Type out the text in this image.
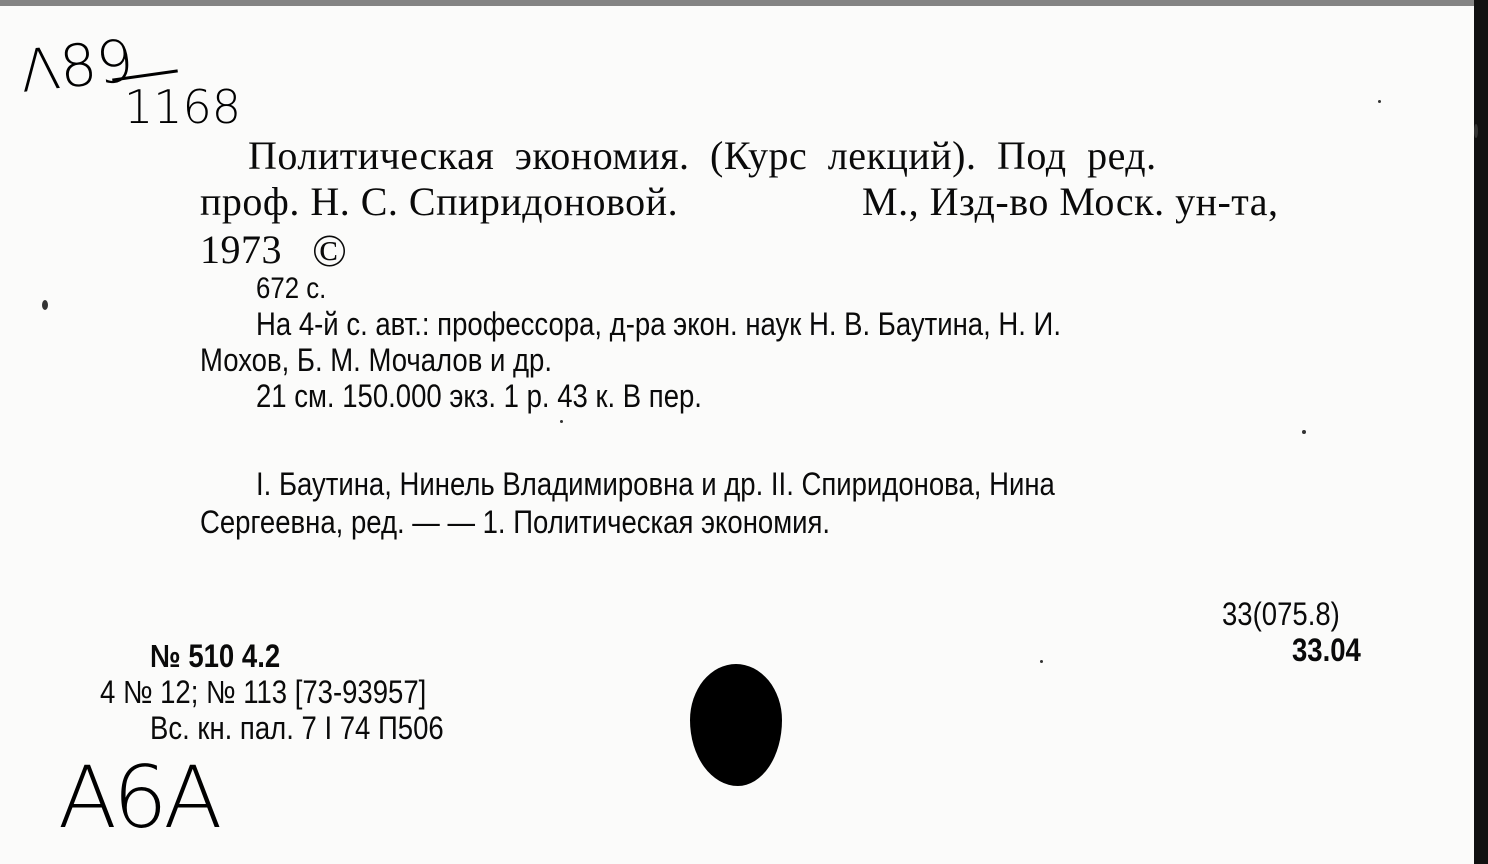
Λ89
1168
Политическая экономия. (Курс лекций). Под ред.
проф. Н. С. Спиридоновой.	М., Изд-во Моск. ун-та,
1973 ©
672 с.
На 4-й с. авт.: профессора, д-ра экон. наук Н. В. Баутина, Н. И.
Мохов, Б. М. Мочалов и др.
21 см. 150.000 экз. 1 р. 43 к. В пер.
I. Баутина, Нинель Владимировна и др. II. Спиридонова, Нина
Сергеевна, ред. — — 1. Политическая экономия.
33(075.8)
33.04
№ 510 4.2
4 № 12; № 113 [73-93957]
Вс. кн. пал. 7 I 74 П506
A6A
